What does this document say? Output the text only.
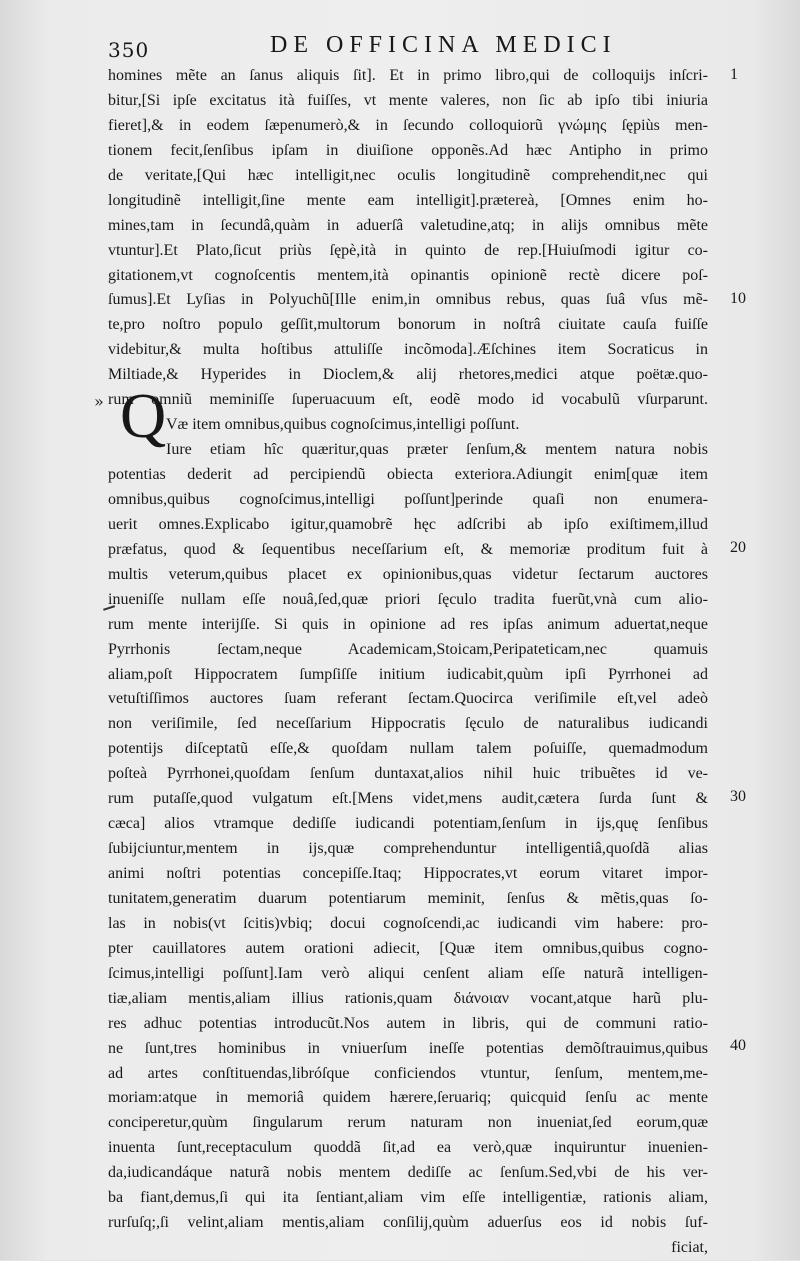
350	DE OFFICINA MEDICI
» Q
homines mẽte an ſanus aliquis ſit]. Et in primo libro,qui de colloquijs inſcri-
bitur,[Si ipſe excitatus ità fuiſſes, vt mente valeres, non ſic ab ipſo tibi iniuria
fieret],& in eodem ſæpenumerò,& in ſecundo colloquiorũ γνώμης ſępiùs men-
tionem fecit,ſenſibus ipſam in diuiſione opponẽs.Ad hæc Antipho in primo
de veritate,[Qui hæc intelligit,nec oculis longitudinẽ comprehendit,nec qui
longitudinẽ intelligit,ſine mente eam intelligit].prætereà, [Omnes enim ho-
mines,tam in ſecundâ,quàm in aduerſâ valetudine,atq; in alijs omnibus mẽte
vtuntur].Et Plato,ſicut priùs ſępè,ità in quinto de rep.[Huiuſmodi igitur co-
gitationem,vt cognoſcentis mentem,ità opinantis opinionẽ rectè dicere poſ-
ſumus].Et Lyſias in Polyuchũ[Ille enim,in omnibus rebus, quas ſuâ vſus mẽ-
te,pro noſtro populo geſſit,multorum bonorum in noſtrâ ciuitate cauſa fuiſſe
videbitur,& multa hoſtibus attuliſſe incõmoda].Æſchines item Socraticus in
Miltiade,& Hyperides in Dioclem,& alij rhetores,medici atque poëtæ.quo-
rum omniũ meminiſſe ſuperuacuum eſt, eodẽ modo id vocabulũ vſurparunt.
Væ item omnibus,quibus cognoſcimus,intelligi poſſunt.
Iure etiam hîc quæritur,quas præter ſenſum,& mentem natura nobis
potentias dederit ad percipiendũ obiecta exteriora.Adiungit enim[quæ item
omnibus,quibus cognoſcimus,intelligi poſſunt]perinde quaſi non enumera-
uerit omnes.Explicabo igitur,quamobrẽ hęc adſcribi ab ipſo exiſtimem,illud
præfatus, quod & ſequentibus neceſſarium eſt, & memoriæ proditum fuit à
multis veterum,quibus placet ex opinionibus,quas videtur ſectarum auctores
inueniſſe nullam eſſe nouâ,ſed,quæ priori ſęculo tradita fuerũt,vnà cum alio-
rum mente interijſſe. Si quis in opinione ad res ipſas animum aduertat,neque
Pyrrhonis ſectam,neque Academicam,Stoicam,Peripateticam,nec quamuis
aliam,poſt Hippocratem ſumpſiſſe initium iudicabit,quùm ipſi Pyrrhonei ad
vetuſtiſſimos auctores ſuam referant ſectam.Quocirca veriſimile eſt,vel adeò
non veriſimile, ſed neceſſarium Hippocratis ſęculo de naturalibus iudicandi
potentijs diſceptatũ eſſe,& quoſdam nullam talem poſuiſſe, quemadmodum
poſteà Pyrrhonei,quoſdam ſenſum duntaxat,alios nihil huic tribuẽtes id ve-
rum putaſſe,quod vulgatum eſt.[Mens videt,mens audit,cætera ſurda ſunt &
cæca] alios vtramque dediſſe iudicandi potentiam,ſenſum in ijs,quę ſenſibus
ſubijciuntur,mentem in ijs,quæ comprehenduntur intelligentiâ,quoſdã alias
animi noſtri potentias concepiſſe.Itaq; Hippocrates,vt eorum vitaret impor-
tunitatem,generatim duarum potentiarum meminit, ſenſus & mẽtis,quas ſo-
las in nobis(vt ſcitis)vbiq; docui cognoſcendi,ac iudicandi vim habere: pro-
pter cauillatores autem orationi adiecit, [Quæ item omnibus,quibus cogno-
ſcimus,intelligi poſſunt].Iam verò aliqui cenſent aliam eſſe naturã intelligen-
tiæ,aliam mentis,aliam illius rationis,quam διάνοιαν vocant,atque harũ plu-
res adhuc potentias introducũt.Nos autem in libris, qui de communi ratio-
ne ſunt,tres hominibus in vniuerſum ineſſe potentias demõſtrauimus,quibus
ad artes conſtituendas,libróſque conficiendos vtuntur, ſenſum, mentem,me-
moriam:atque in memoriâ quidem hærere,ſeruariq; quicquid ſenſu ac mente
conciperetur,quùm ſingularum rerum naturam non inueniat,ſed eorum,quæ
inuenta ſunt,receptaculum quoddã ſit,ad ea verò,quæ inquiruntur inuenien-
da,iudicandáque naturã nobis mentem dediſſe ac ſenſum.Sed,vbi de his ver-
ba fiant,demus,ſi qui ita ſentiant,aliam vim eſſe intelligentiæ, rationis aliam,
rurſuſq;,ſi velint,aliam mentis,aliam conſilij,quùm aduerſus eos id nobis ſuf-
ficiat,
1
10
20
30
40
